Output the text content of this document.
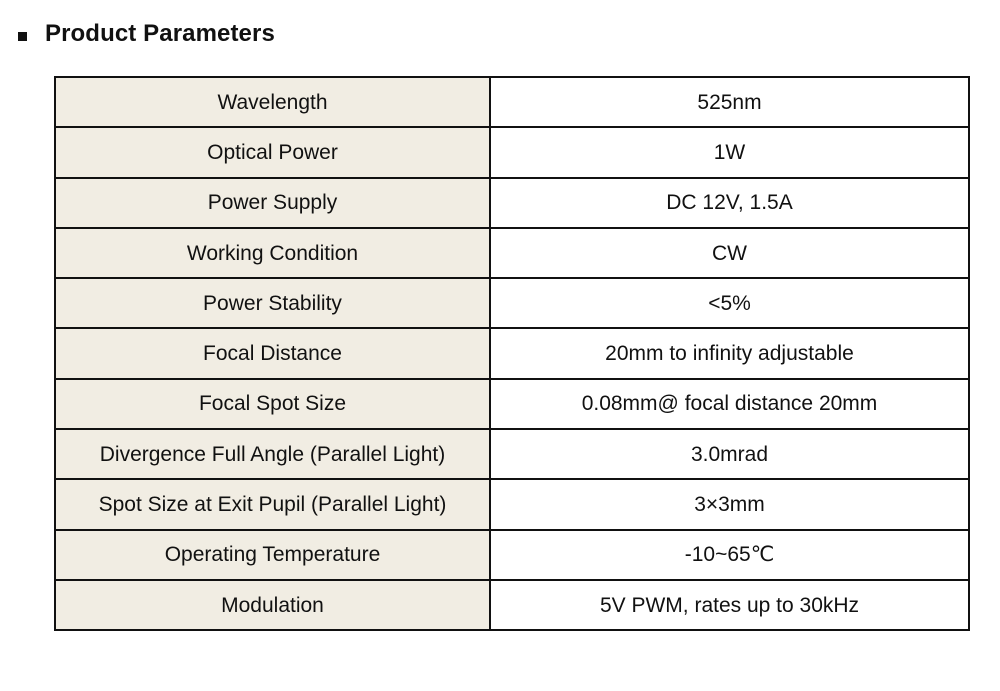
Product Parameters
Wavelength	525nm
Optical Power	1W
Power Supply	DC 12V, 1.5A
Working Condition	CW
Power Stability	<5%
Focal Distance	20mm to infinity adjustable
Focal Spot Size	0.08mm@ focal distance 20mm
Divergence Full Angle (Parallel Light)	3.0mrad
Spot Size at Exit Pupil (Parallel Light)	3×3mm
Operating Temperature	-10~65℃
Modulation	5V PWM, rates up to 30kHz
